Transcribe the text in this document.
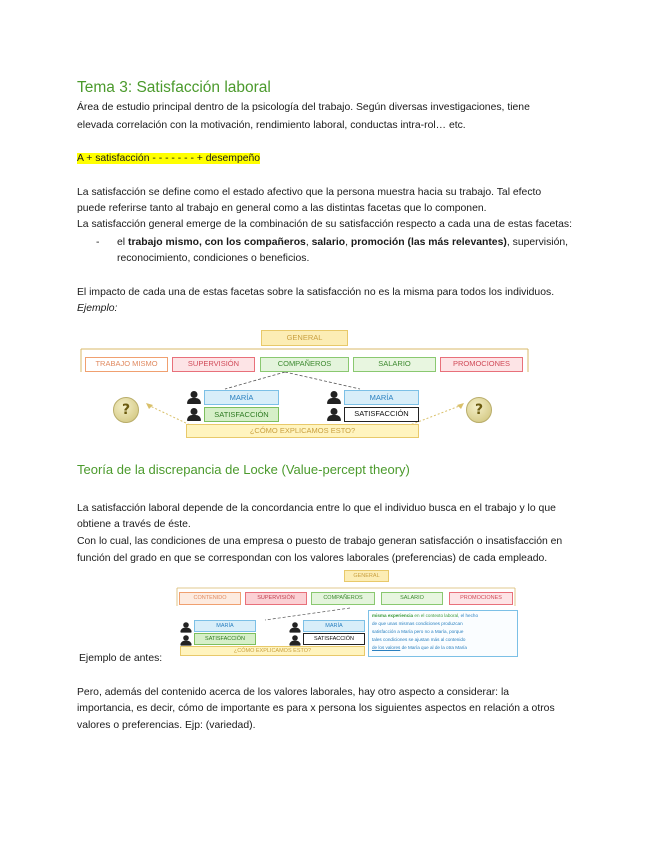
Tema 3: Satisfacción laboral
Área de estudio principal dentro de la psicología del trabajo. Según diversas investigaciones, tiene
elevada correlación con la motivación, rendimiento laboral, conductas intra-rol… etc.
A + satisfacción - - - - - - - + desempeño
La satisfacción se define como el estado afectivo que la persona muestra hacia su trabajo. Tal efecto
puede referirse tanto al trabajo en general como a las distintas facetas que lo componen.
La satisfacción general emerge de la combinación de su satisfacción respecto a cada una de estas facetas:
- el trabajo mismo, con los compañeros, salario, promoción (las más relevantes), supervisión,
reconocimiento, condiciones o beneficios.
El impacto de cada una de estas facetas sobre la satisfacción no es la misma para todos los individuos.
Ejemplo:
GENERAL
TRABAJO MISMO	SUPERVISIÓN	COMPAÑEROS	SALARIO	PROMOCIONES
MARÍA
SATISFACCIÓN
MARÍA
SATISFACCIÓN
¿CÓMO EXPLICAMOS ESTO?
?	?
Teoría de la discrepancia de Locke (Value-percept theory)
La satisfacción laboral depende de la concordancia entre lo que el individuo busca en el trabajo y lo que
obtiene a través de éste.
Con lo cual, las condiciones de una empresa o puesto de trabajo generan satisfacción o insatisfacción en
función del grado en que se correspondan con los valores laborales (preferencias) de cada empleado.
GENERAL
CONTENIDO	SUPERVISIÓN	COMPAÑEROS	SALARIO	PROMOCIONES
MARÍA
SATISFACCIÓN
MARÍA
SATISFACCIÓN
¿CÓMO EXPLICAMOS ESTO?
misma experiencia en el contexto laboral, el hecho
de que unas mismas condiciones produzcan
satisfacción a María pero no a María, porque
tales condiciones se ajustan más al contenido
de los valores de María que al de la otra María
Ejemplo de antes:
Pero, además del contenido acerca de los valores laborales, hay otro aspecto a considerar: la
importancia, es decir, cómo de importante es para x persona los siguientes aspectos en relación a otros
valores o preferencias. Ejp: (variedad).
